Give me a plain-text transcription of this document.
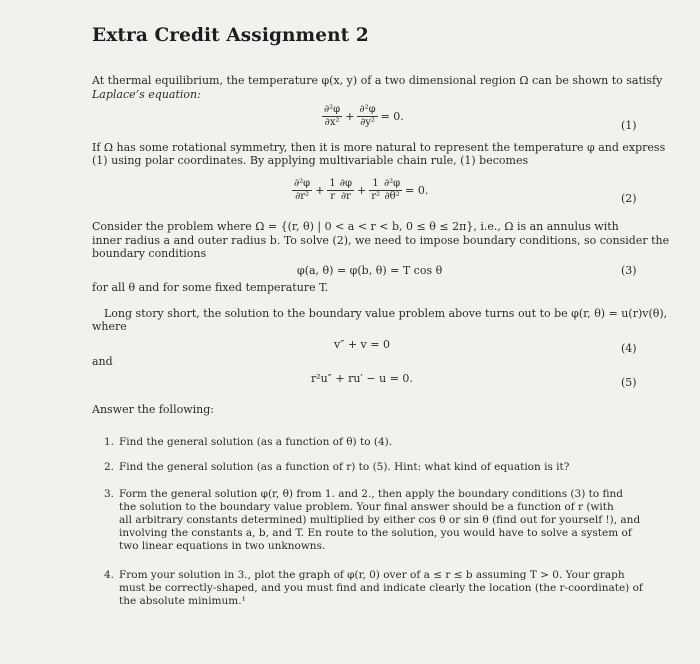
Extra Credit Assignment 2
At thermal equilibrium, the temperature φ(x, y) of a two dimensional region Ω can be shown to satisfy
Laplace’s equation:
$\frac{\text{∂²φ}}{\text{∂x²}} + \frac{\text{∂²φ}}{\text{∂y²}} = 0$.
(1)
If Ω has some rotational symmetry, then it is more natural to represent the temperature φ and express
(1) using polar coordinates. By applying multivariable chain rule, (1) becomes
$\frac{\text{∂²φ}}{\text{∂r²}} + \frac{1}{r} \frac{\partial\varphi}{\partial r} + \frac{1}{\text{r²}} \frac{\text{∂²φ}}{\text{∂θ²}} = 0$.
(2)
Consider the problem where Ω = {(r, θ) | 0 < a < r < b, 0 ≤ θ ≤ 2π}, i.e., Ω is an annulus with
inner radius a and outer radius b. To solve (2), we need to impose boundary conditions, so consider the
boundary conditions
φ(a, θ) = φ(b, θ) = T cos θ	(3)
for all θ and for some fixed temperature T.
Long story short, the solution to the boundary value problem above turns out to be φ(r, θ) = u(r)v(θ),
where
v″ + v = 0	(4)
and
r²u″ + ru′ − u = 0.	(5)
Answer the following:
1. Find the general solution (as a function of θ) to (4).
2. Find the general solution (as a function of r) to (5). Hint: what kind of equation is it?
3. Form the general solution φ(r, θ) from 1. and 2., then apply the boundary conditions (3) to find
the solution to the boundary value problem. Your final answer should be a function of r (with
all arbitrary constants determined) multiplied by either cos θ or sin θ (find out for yourself !), and
involving the constants a, b, and T. En route to the solution, you would have to solve a system of
two linear equations in two unknowns.
4. From your solution in 3., plot the graph of φ(r, 0) over of a ≤ r ≤ b assuming T > 0. Your graph
must be correctly-shaped, and you must find and indicate clearly the location (the r-coordinate) of
the absolute minimum.¹
